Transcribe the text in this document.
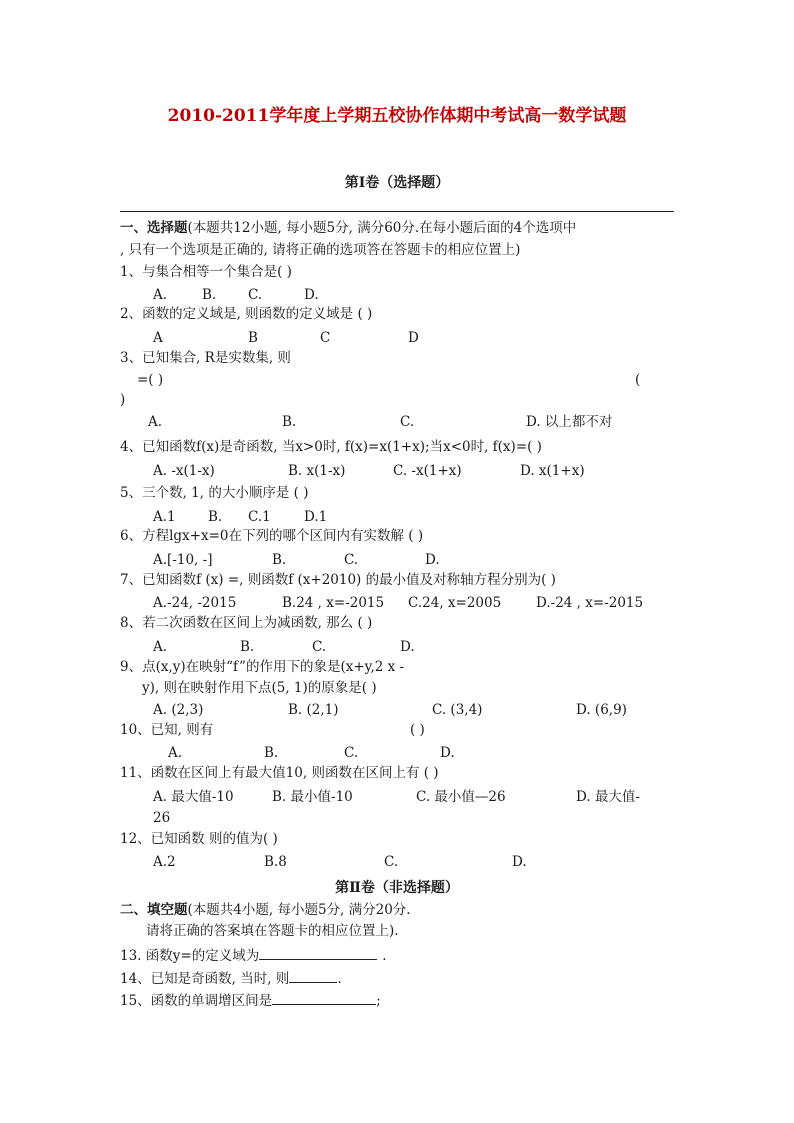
2010-2011学年度上学期五校协作体期中考试高一数学试题
第I卷（选择题）
一、选择题(本题共12小题, 每小题5分, 满分60分.在每小题后面的4个选项中
, 只有一个选项是正确的, 请将正确的选项答在答题卡的相应位置上)
1、与集合相等一个集合是( )
A.	B. C.	D.
2、函数的定义域是, 则函数的定义域是 ( )
A	B	C	D
3、已知集合, R是实数集, 则
=( )	(
)
A.	B.	C.	D. 以上都不对
4、已知函数f(x)是奇函数, 当x>0时, f(x)=x(1+x);当x<0时, f(x)=( )
A. -x(1-x)	B. x(1-x)	C. -x(1+x)	D. x(1+x)
5、三个数, 1, 的大小顺序是 ( )
A.1 B. C.1 D.1
6、方程lgx+x=0在下列的哪个区间内有实数解 ( )
A.[-10, -]	B.	C.	D.
7、已知函数f (x) =, 则函数f (x+2010) 的最小值及对称轴方程分别为( )
A.-24, -2015	B.24 , x=-2015 C.24, x=2005	D.-24 , x=-2015
8、若二次函数在区间上为减函数, 那么 ( )
A.	B.	C.	D.
9、点(x,y)在映射“f”的作用下的象是(x+y,2 x -
y), 则在映射作用下点(5, 1)的原象是( )
A. (2,3)	B. (2,1)	C. (3,4)	D. (6,9)
10、已知, 则有	( )
A.	B.	C.	D.
11、函数在区间上有最大值10, 则函数在区间上有 ( )
A. 最大值-10	B. 最小值-10	C. 最小值—26	D. 最大值-
26
12、已知函数 则的值为( )
A.2	B.8	C.	D.
第Ⅱ卷（非选择题）
二、填空题(本题共4小题, 每小题5分, 满分20分.
请将正确的答案填在答题卡的相应位置上).
13. 函数y=的定义域为	.
14、已知是奇函数, 当时, 则	.
15、函数的单调增区间是	;
